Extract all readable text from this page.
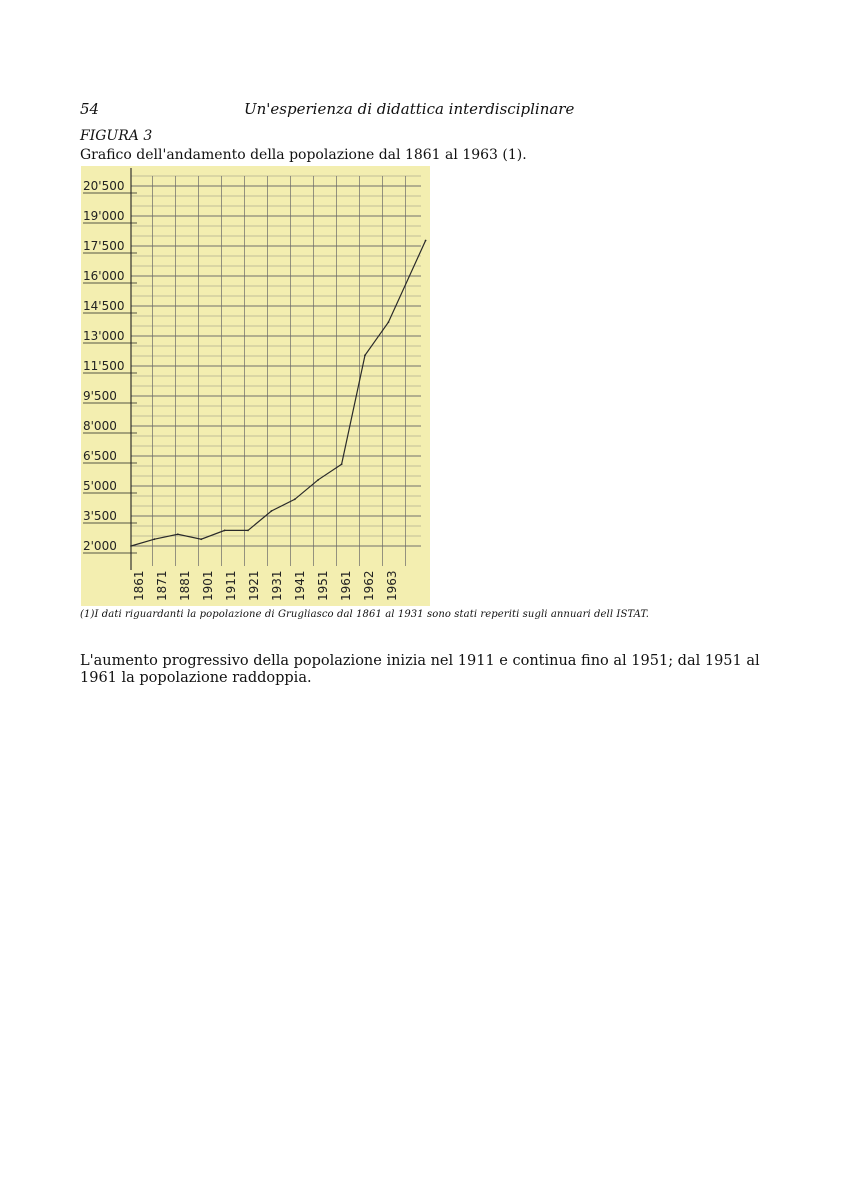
54	Un'esperienza di didattica interdisciplinare
FIGURA 3
Grafico dell'andamento della popolazione dal 1861 al 1963 (1).
2'000
3'500
5'000
6'500
8'000
9'500
11'500
13'000
14'500
16'000
17'500
19'000
20'500
1861 1871 1881 1901 1911 1921 1931 1941 1951 1961 1962 1963
(1)I dati riguardanti la popolazione di Grugliasco dal 1861 al 1931 sono stati reperiti sugli annuari dell ISTAT.
L'aumento progressivo della popolazione inizia nel 1911 e continua fino al 1951; dal 1951 al 1961 la popolazione raddoppia.
